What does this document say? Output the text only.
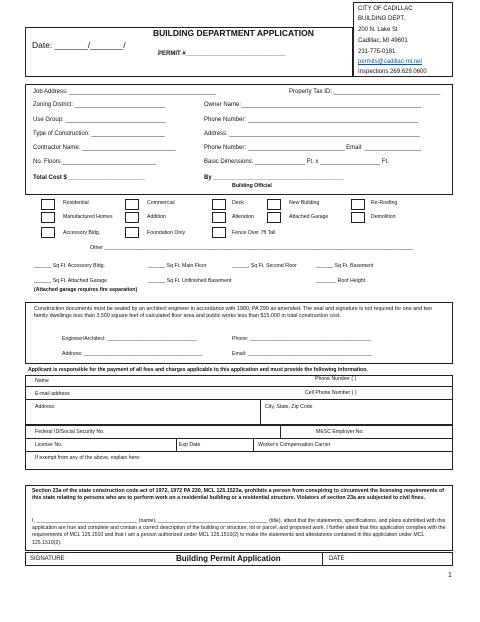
Date: _______/_______/
BUILDING DEPARTMENT APPLICATION
PERMIT #______________________________
CITY OF CADILLAC
BUILDING DEPT.
200 N. Lake St
Cadillac, MI 49601
231-775-0181
permits@cadillac-mi.net
Inspections 269.629.0600
Job Address: ____________________________________________	Property Tax ID: ________________________________
Zoning District: ___________________________	Owner Name:______________________________________________________
Use Group: ______________________________	Phone Number: ___________________________________________________
Type of Construction: ______________________	Address: _________________________________________________________
Contractor Name: ____________________________	Phone Number: _____________________________ Email: _________________
No. Floors ____________________________	Basic Dimensions: _______________ Ft. x __________________ Ft.
Total Cost $ _______________________	By _______________________________________
Building Official
Residential	Commercial	Deck	New Building	Re-Roofing
Manufactured Homes	Addition	Alteration	Attached Garage	Demolition
Accessory Bldg.	Foundation Only	Fence Over 7ft Tall
Other ___________________________________________________________________________________________________________
______ Sq Ft. Accessory Bldg.	______ Sq Ft. Main Floor	______ Sq Ft. Second Floor	______ Sq Ft. Basement
______ Sq Ft. Attached Garage	______ Sq Ft. Unfinished Basement	_______ Roof Height
(Attached garage requires fire separation)
Construction documents must be sealed by an architect engineer in accordance with 1980, PA 299 as amended. The seal and signature is not required for one and two family dwellings less than 3,500 square feet of calculated floor area and public works less than $15,000 in total construction cost.
Engineer/Architect: _______________________________	Phone: __________________________________________
Address: _________________________________________	Email: ___________________________________________
Applicant is responsible for the payment of all fees and charges applicable to this application and must provide the following information.
Name	Phone Number ( )
E-mail address	Cell Phone Number ( )
Address:	City, State, Zip Code
Federal ID/Social Security No.	MESC Employer No.
License No.	Exp Date	Worker's Compensation Carrier
If exempt from any of the above, explain here:
Section 23a of the state construction code act of 1972, 1972 PA 230, MCL 125.1523a, prohibits a person from conspiring to circumvent the licensing requirements of this state relating to persons who are to perform work on a residential building or a residential structure. Violators of section 23a are subjected to civil fines.
I, ___________________________________ (name), ______________________________________ (title), attest that the statements, specifications, and plans submitted with this application are true and complete and contain a correct description of the building or structure, lot or parcel, and proposed work. I further attest that this application complies with the requirements of MCL 125.1510 and that I am a person authorized under MCL 125.1510(2) to make the statements and attestations contained in this application under MCL 125.1510(2).
SIGNATURE	Building Permit Application	DATE
1
